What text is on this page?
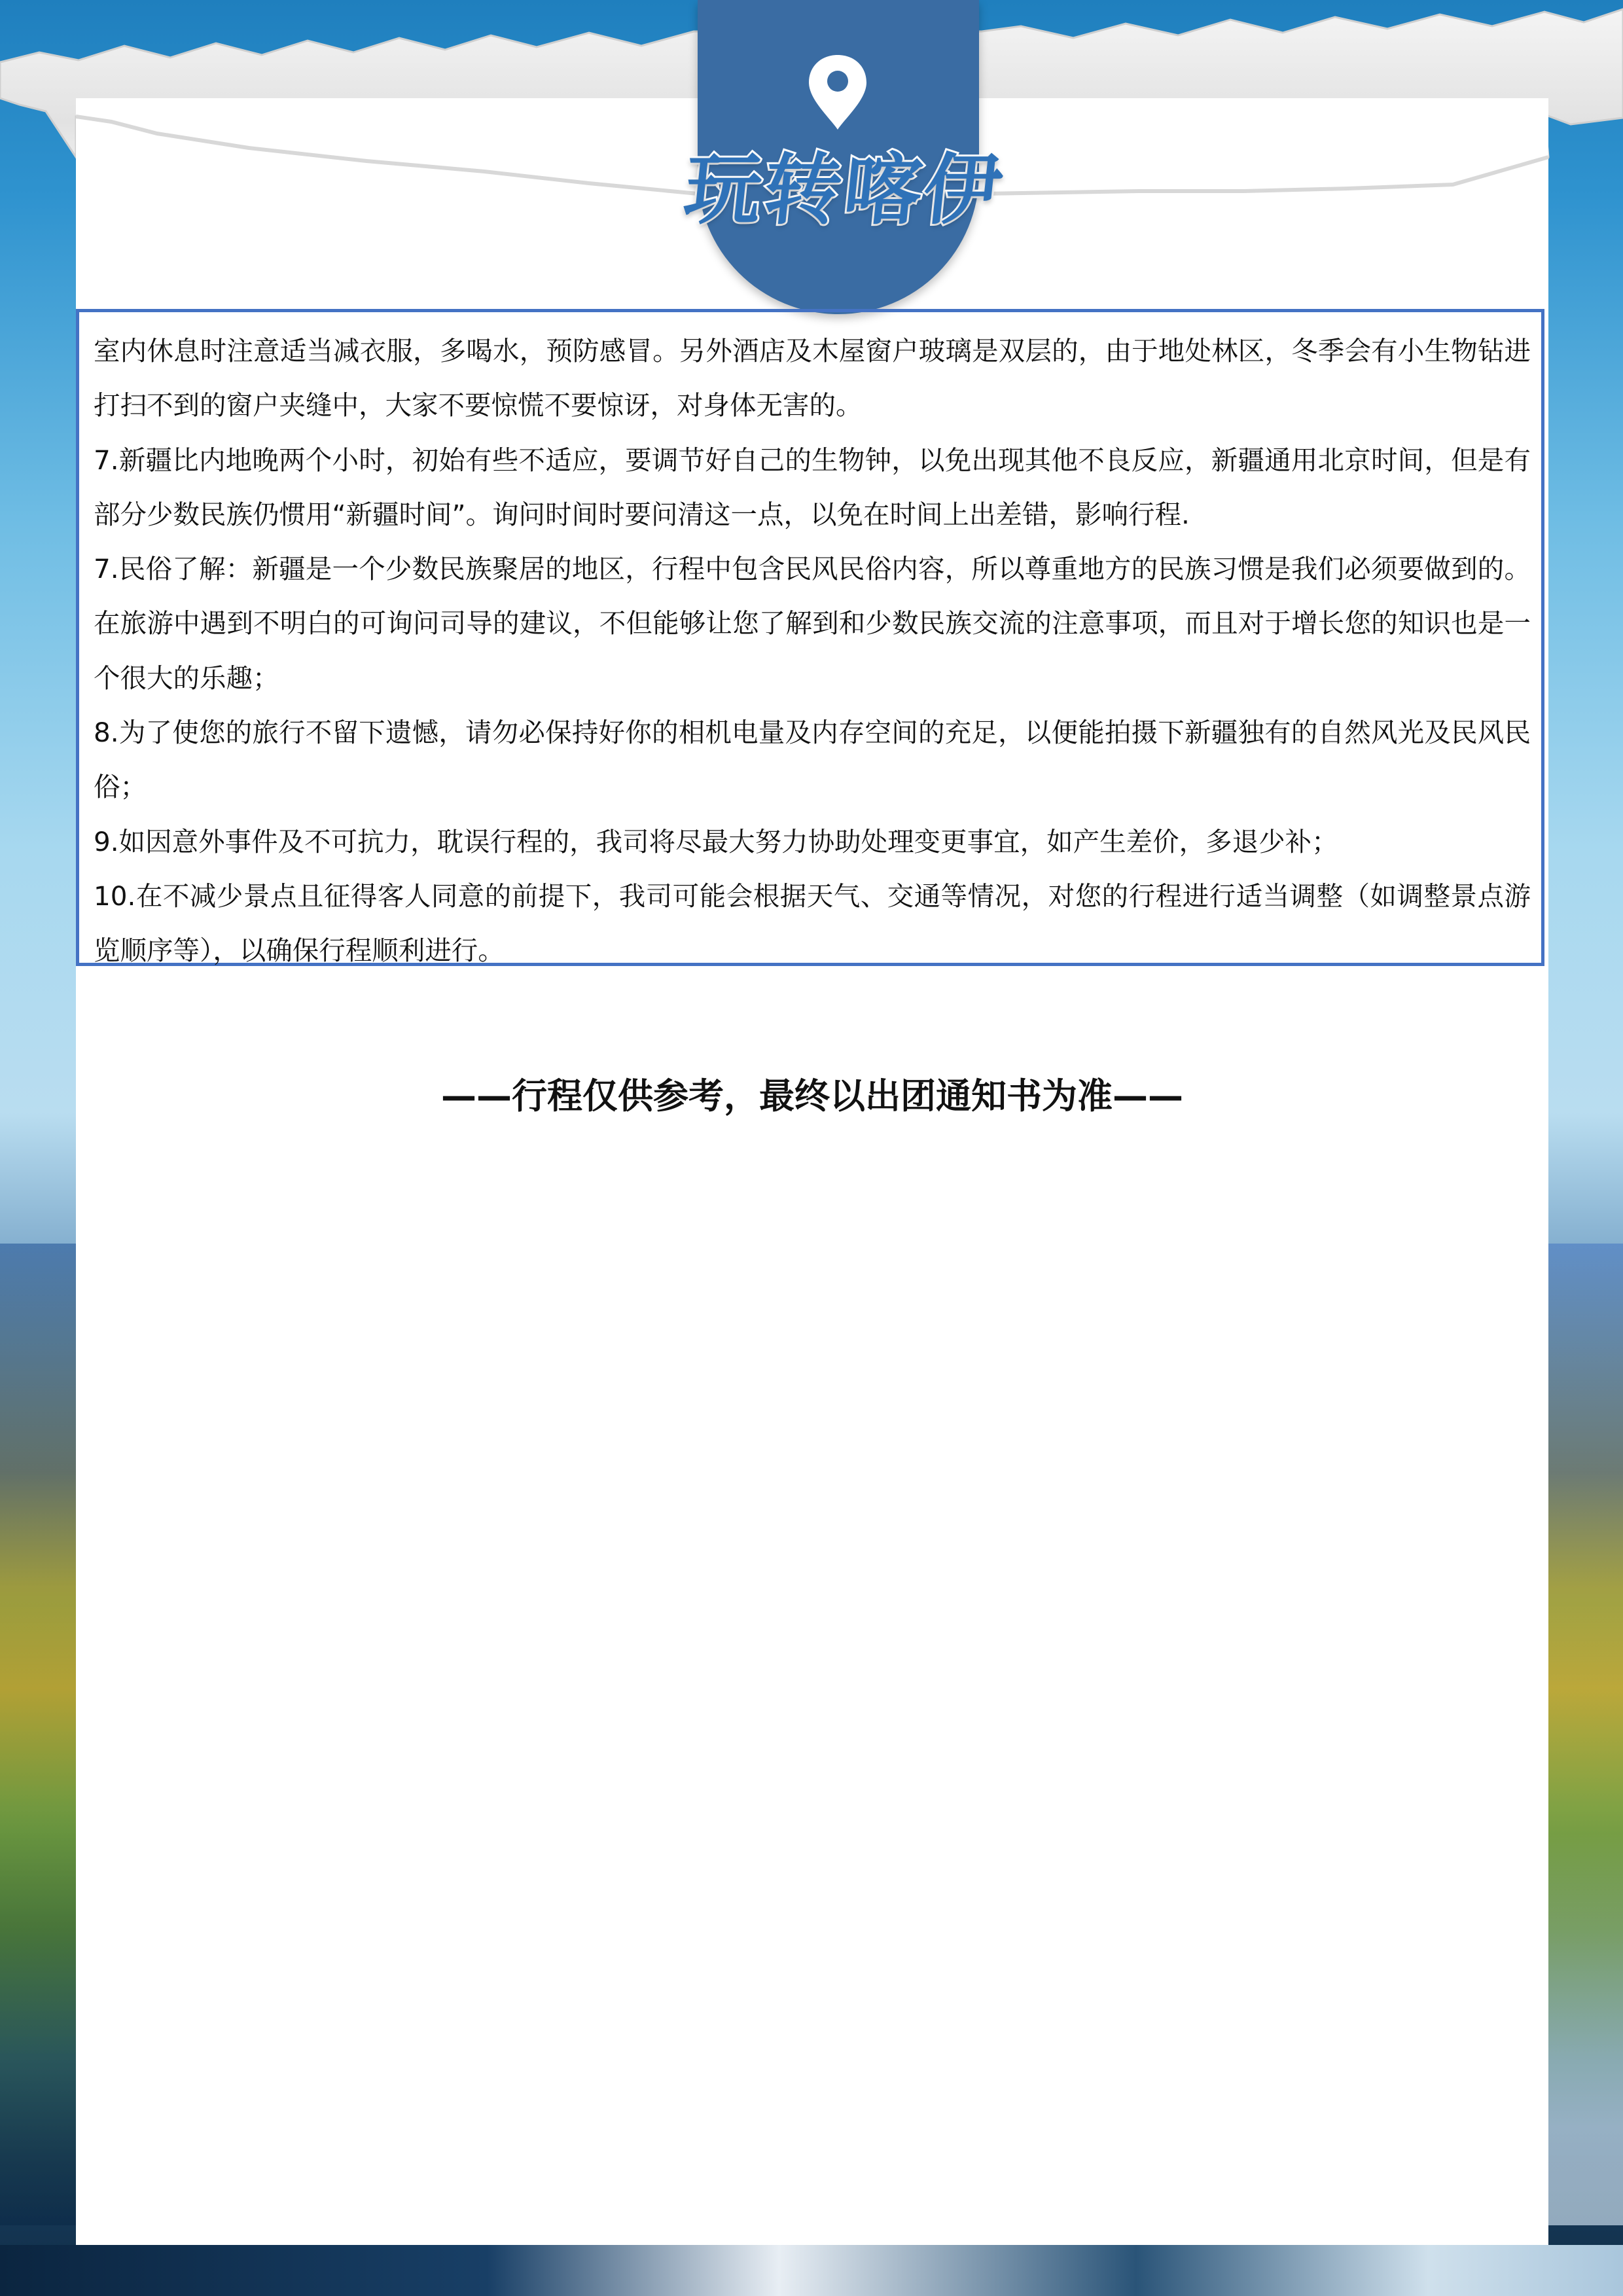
玩转喀伊

室内休息时注意适当减衣服，多喝水，预防感冒。另外酒店及木屋窗户玻璃是双层的，由于地处林区，冬季会有小生物钻进打扫不到的窗户夹缝中，大家不要惊慌不要惊讶，对身体无害的。

7.新疆比内地晚两个小时，初始有些不适应，要调节好自己的生物钟，以免出现其他不良反应，新疆通用北京时间，但是有部分少数民族仍惯用“新疆时间”。询问时间时要问清这一点，以免在时间上出差错，影响行程.

7.民俗了解：新疆是一个少数民族聚居的地区，行程中包含民风民俗内容，所以尊重地方的民族习惯是我们必须要做到的。在旅游中遇到不明白的可询问司导的建议，不但能够让您了解到和少数民族交流的注意事项，而且对于增长您的知识也是一个很大的乐趣；

8.为了使您的旅行不留下遗憾，请勿必保持好你的相机电量及内存空间的充足，以便能拍摄下新疆独有的自然风光及民风民俗；

9.如因意外事件及不可抗力，耽误行程的，我司将尽最大努力协助处理变更事宜，如产生差价，多退少补；

10.在不减少景点且征得客人同意的前提下，我司可能会根据天气、交通等情况，对您的行程进行适当调整（如调整景点游览顺序等），以确保行程顺利进行。

——行程仅供参考，最终以出团通知书为准——
